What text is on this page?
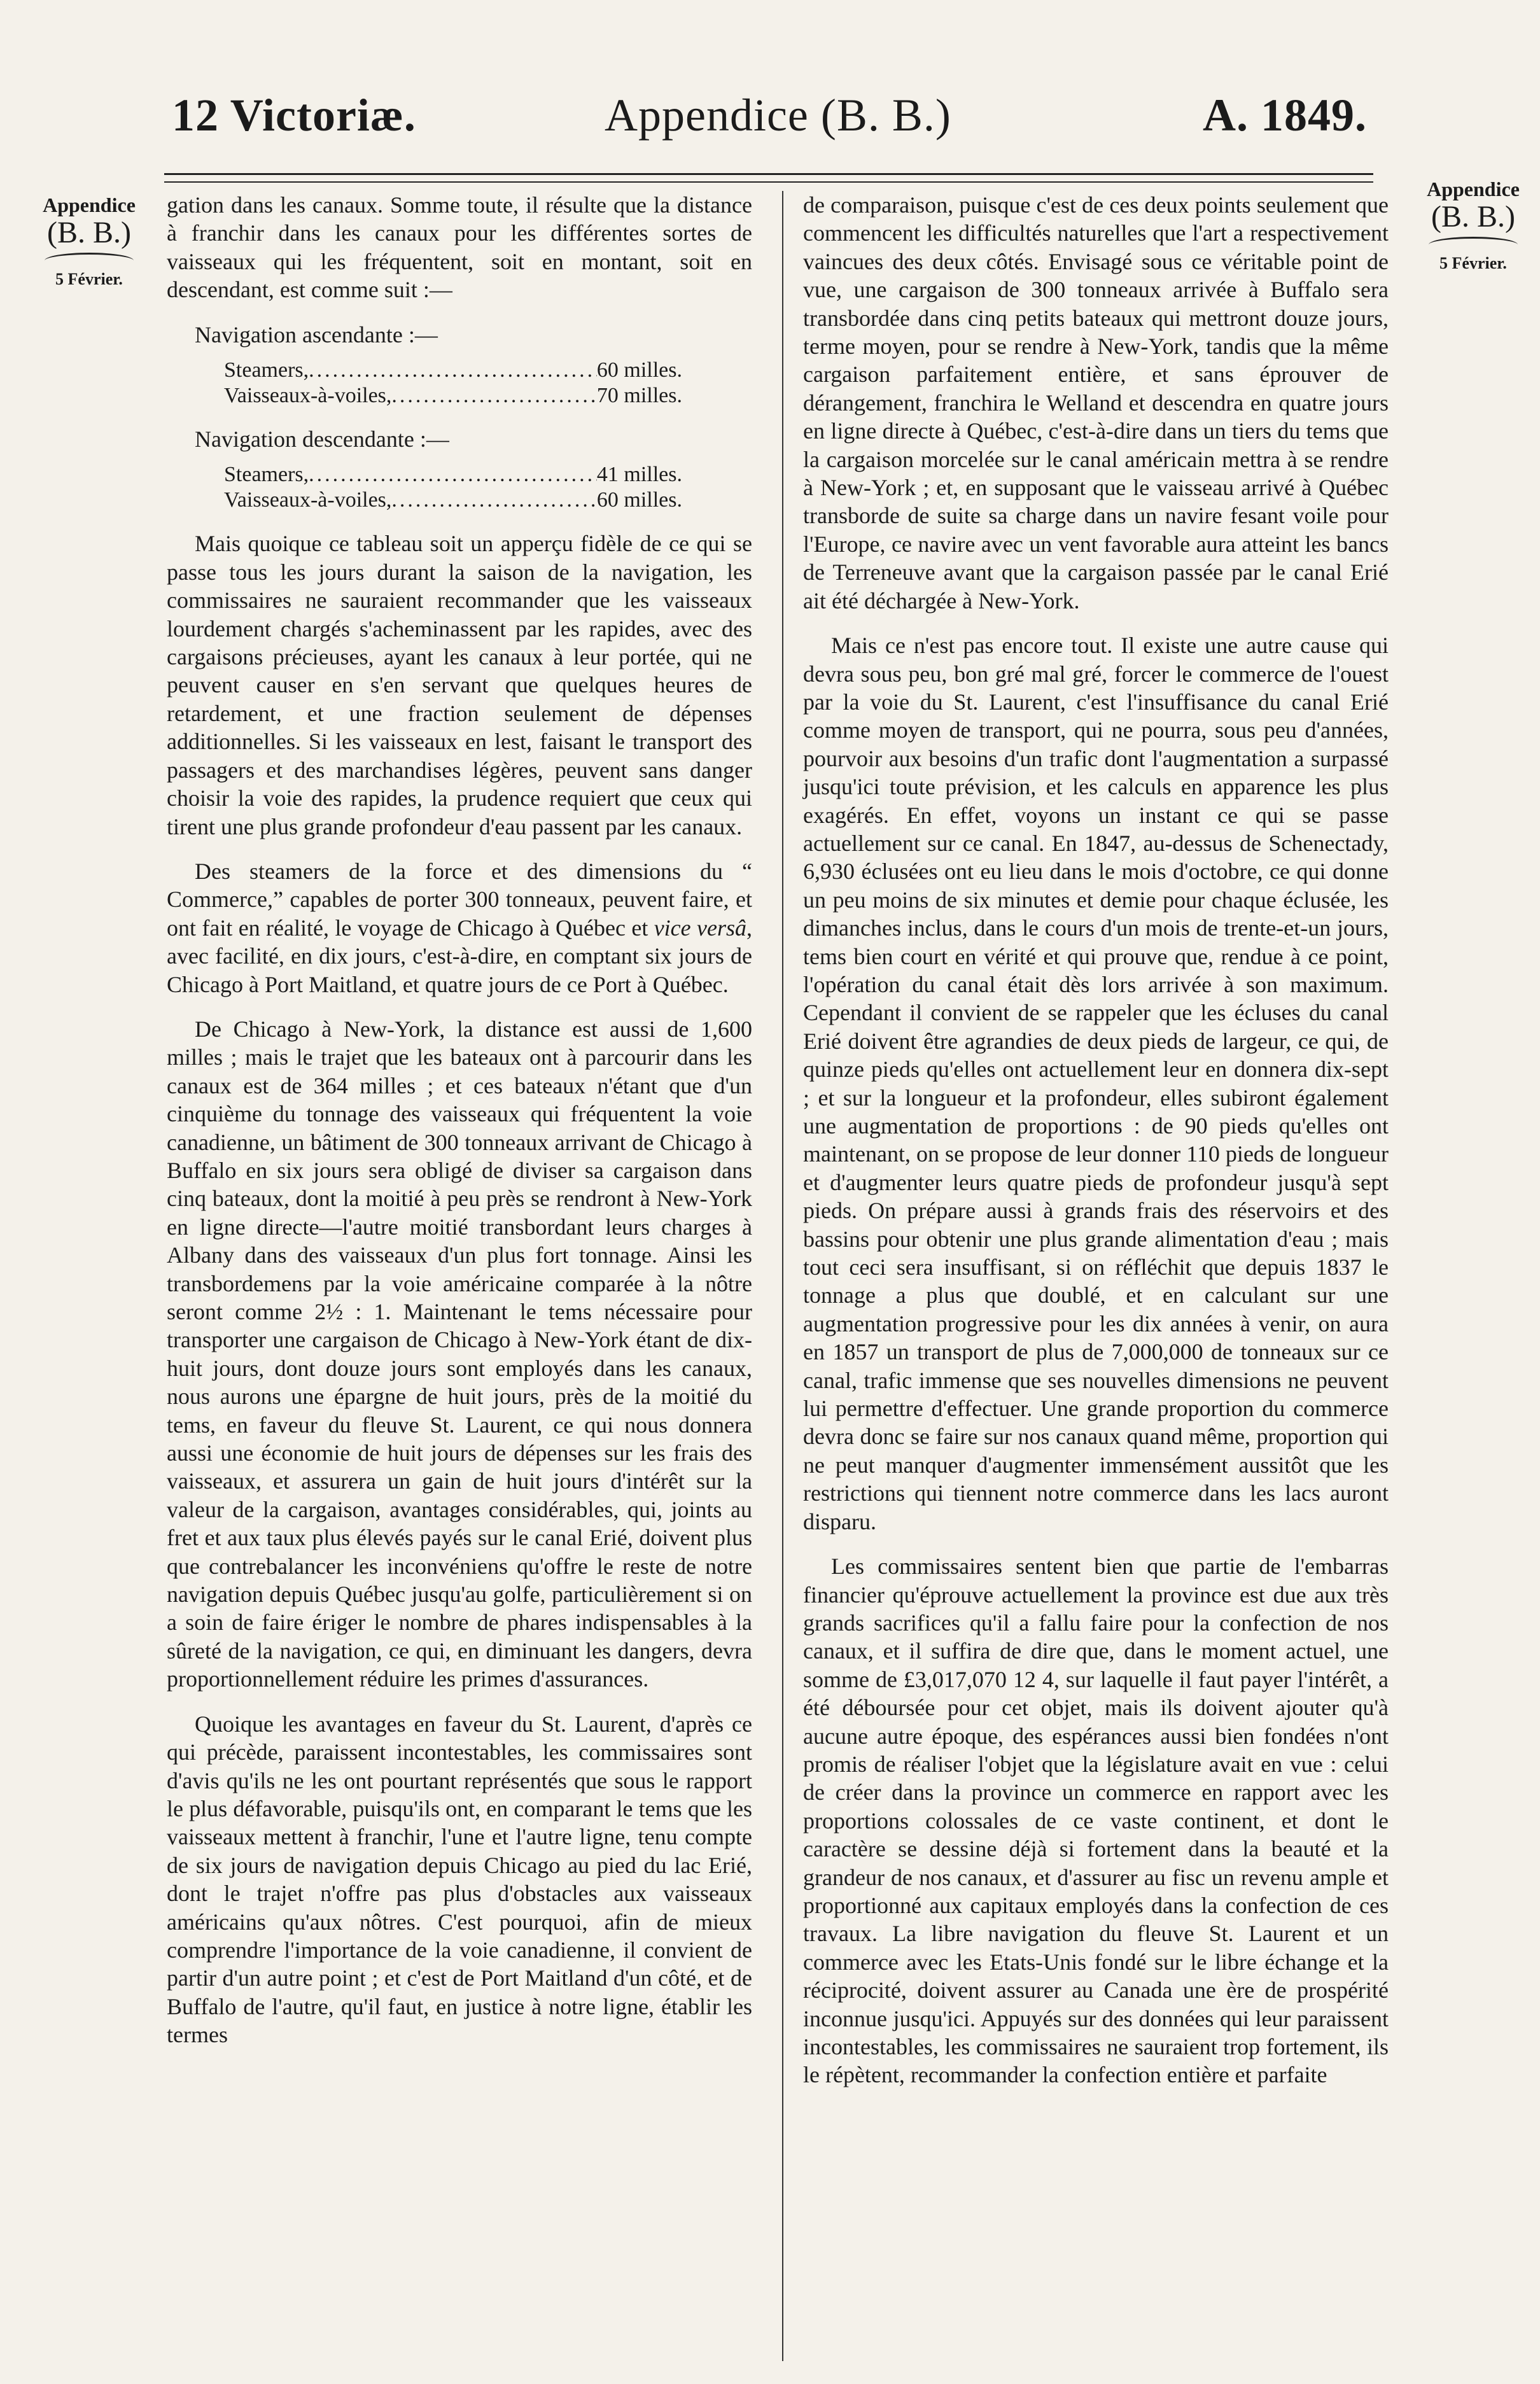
12 Victoriæ.	Appendice (B. B.)	A. 1849.
Appendice
(B. B.)
5 Février.
Appendice
(B. B.)
5 Février.

gation dans les canaux. Somme toute, il résulte que la distance à franchir dans les canaux pour les différentes sortes de vaisseaux qui les fréquentent, soit en montant, soit en descendant, est comme suit :—

Navigation ascendante :—
Steamers, .....	60 milles.
Vaisseaux-à-voiles, .....	70 milles.
Navigation descendante :—
Steamers, .....	41 milles.
Vaisseaux-à-voiles, .....	60 milles.

Mais quoique ce tableau soit un apperçu fidèle de ce qui se passe tous les jours durant la saison de la navigation, les commissaires ne sauraient recommander que les vaisseaux lourdement chargés s'acheminassent par les rapides, avec des cargaisons précieuses, ayant les canaux à leur portée, qui ne peuvent causer en s'en servant que quelques heures de retardement, et une fraction seulement de dépenses additionnelles. Si les vaisseaux en lest, faisant le transport des passagers et des marchandises légères, peuvent sans danger choisir la voie des rapides, la prudence requiert que ceux qui tirent une plus grande profondeur d'eau passent par les canaux.

Des steamers de la force et des dimensions du “ Commerce,” capables de porter 300 tonneaux, peuvent faire, et ont fait en réalité, le voyage de Chicago à Québec et vice versâ, avec facilité, en dix jours, c'est-à-dire, en comptant six jours de Chicago à Port Maitland, et quatre jours de ce Port à Québec.

De Chicago à New-York, la distance est aussi de 1,600 milles ; mais le trajet que les bateaux ont à parcourir dans les canaux est de 364 milles ; et ces bateaux n'étant que d'un cinquième du tonnage des vaisseaux qui fréquentent la voie canadienne, un bâtiment de 300 tonneaux arrivant de Chicago à Buffalo en six jours sera obligé de diviser sa cargaison dans cinq bateaux, dont la moitié à peu près se rendront à New-York en ligne directe—l'autre moitié transbordant leurs charges à Albany dans des vaisseaux d'un plus fort tonnage. Ainsi les transbordemens par la voie américaine comparée à la nôtre seront comme 2½ : 1. Maintenant le tems nécessaire pour transporter une cargaison de Chicago à New-York étant de dix-huit jours, dont douze jours sont employés dans les canaux, nous aurons une épargne de huit jours, près de la moitié du tems, en faveur du fleuve St. Laurent, ce qui nous donnera aussi une économie de huit jours de dépenses sur les frais des vaisseaux, et assurera un gain de huit jours d'intérêt sur la valeur de la cargaison, avantages considérables, qui, joints au fret et aux taux plus élevés payés sur le canal Erié, doivent plus que contrebalancer les inconvéniens qu'offre le reste de notre navigation depuis Québec jusqu'au golfe, particulièrement si on a soin de faire ériger le nombre de phares indispensables à la sûreté de la navigation, ce qui, en diminuant les dangers, devra proportionnellement réduire les primes d'assurances.

Quoique les avantages en faveur du St. Laurent, d'après ce qui précède, paraissent incontestables, les commissaires sont d'avis qu'ils ne les ont pourtant représentés que sous le rapport le plus défavorable, puisqu'ils ont, en comparant le tems que les vaisseaux mettent à franchir, l'une et l'autre ligne, tenu compte de six jours de navigation depuis Chicago au pied du lac Erié, dont le trajet n'offre pas plus d'obstacles aux vaisseaux américains qu'aux nôtres. C'est pourquoi, afin de mieux comprendre l'importance de la voie canadienne, il convient de partir d'un autre point ; et c'est de Port Maitland d'un côté, et de Buffalo de l'autre, qu'il faut, en justice à notre ligne, établir les termes

de comparaison, puisque c'est de ces deux points seulement que commencent les difficultés naturelles que l'art a respectivement vaincues des deux côtés. Envisagé sous ce véritable point de vue, une cargaison de 300 tonneaux arrivée à Buffalo sera transbordée dans cinq petits bateaux qui mettront douze jours, terme moyen, pour se rendre à New-York, tandis que la même cargaison parfaitement entière, et sans éprouver de dérangement, franchira le Welland et descendra en quatre jours en ligne directe à Québec, c'est-à-dire dans un tiers du tems que la cargaison morcelée sur le canal américain mettra à se rendre à New-York ; et, en supposant que le vaisseau arrivé à Québec transborde de suite sa charge dans un navire fesant voile pour l'Europe, ce navire avec un vent favorable aura atteint les bancs de Terreneuve avant que la cargaison passée par le canal Erié ait été déchargée à New-York.

Mais ce n'est pas encore tout. Il existe une autre cause qui devra sous peu, bon gré mal gré, forcer le commerce de l'ouest par la voie du St. Laurent, c'est l'insuffisance du canal Erié comme moyen de transport, qui ne pourra, sous peu d'années, pourvoir aux besoins d'un trafic dont l'augmentation a surpassé jusqu'ici toute prévision, et les calculs en apparence les plus exagérés. En effet, voyons un instant ce qui se passe actuellement sur ce canal. En 1847, au-dessus de Schenectady, 6,930 éclusées ont eu lieu dans le mois d'octobre, ce qui donne un peu moins de six minutes et demie pour chaque éclusée, les dimanches inclus, dans le cours d'un mois de trente-et-un jours, tems bien court en vérité et qui prouve que, rendue à ce point, l'opération du canal était dès lors arrivée à son maximum. Cependant il convient de se rappeler que les écluses du canal Erié doivent être agrandies de deux pieds de largeur, ce qui, de quinze pieds qu'elles ont actuellement leur en donnera dix-sept ; et sur la longueur et la profondeur, elles subiront également une augmentation de proportions : de 90 pieds qu'elles ont maintenant, on se propose de leur donner 110 pieds de longueur et d'augmenter leurs quatre pieds de profondeur jusqu'à sept pieds. On prépare aussi à grands frais des réservoirs et des bassins pour obtenir une plus grande alimentation d'eau ; mais tout ceci sera insuffisant, si on réfléchit que depuis 1837 le tonnage a plus que doublé, et en calculant sur une augmentation progressive pour les dix années à venir, on aura en 1857 un transport de plus de 7,000,000 de tonneaux sur ce canal, trafic immense que ses nouvelles dimensions ne peuvent lui permettre d'effectuer. Une grande proportion du commerce devra donc se faire sur nos canaux quand même, proportion qui ne peut manquer d'augmenter immensément aussitôt que les restrictions qui tiennent notre commerce dans les lacs auront disparu.

Les commissaires sentent bien que partie de l'embarras financier qu'éprouve actuellement la province est due aux très grands sacrifices qu'il a fallu faire pour la confection de nos canaux, et il suffira de dire que, dans le moment actuel, une somme de £3,017,070 12 4, sur laquelle il faut payer l'intérêt, a été déboursée pour cet objet, mais ils doivent ajouter qu'à aucune autre époque, des espérances aussi bien fondées n'ont promis de réaliser l'objet que la législature avait en vue : celui de créer dans la province un commerce en rapport avec les proportions colossales de ce vaste continent, et dont le caractère se dessine déjà si fortement dans la beauté et la grandeur de nos canaux, et d'assurer au fisc un revenu ample et proportionné aux capitaux employés dans la confection de ces travaux. La libre navigation du fleuve St. Laurent et un commerce avec les Etats-Unis fondé sur le libre échange et la réciprocité, doivent assurer au Canada une ère de prospérité inconnue jusqu'ici. Appuyés sur des données qui leur paraissent incontestables, les commissaires ne sauraient trop fortement, ils le répètent, recommander la confection entière et parfaite
